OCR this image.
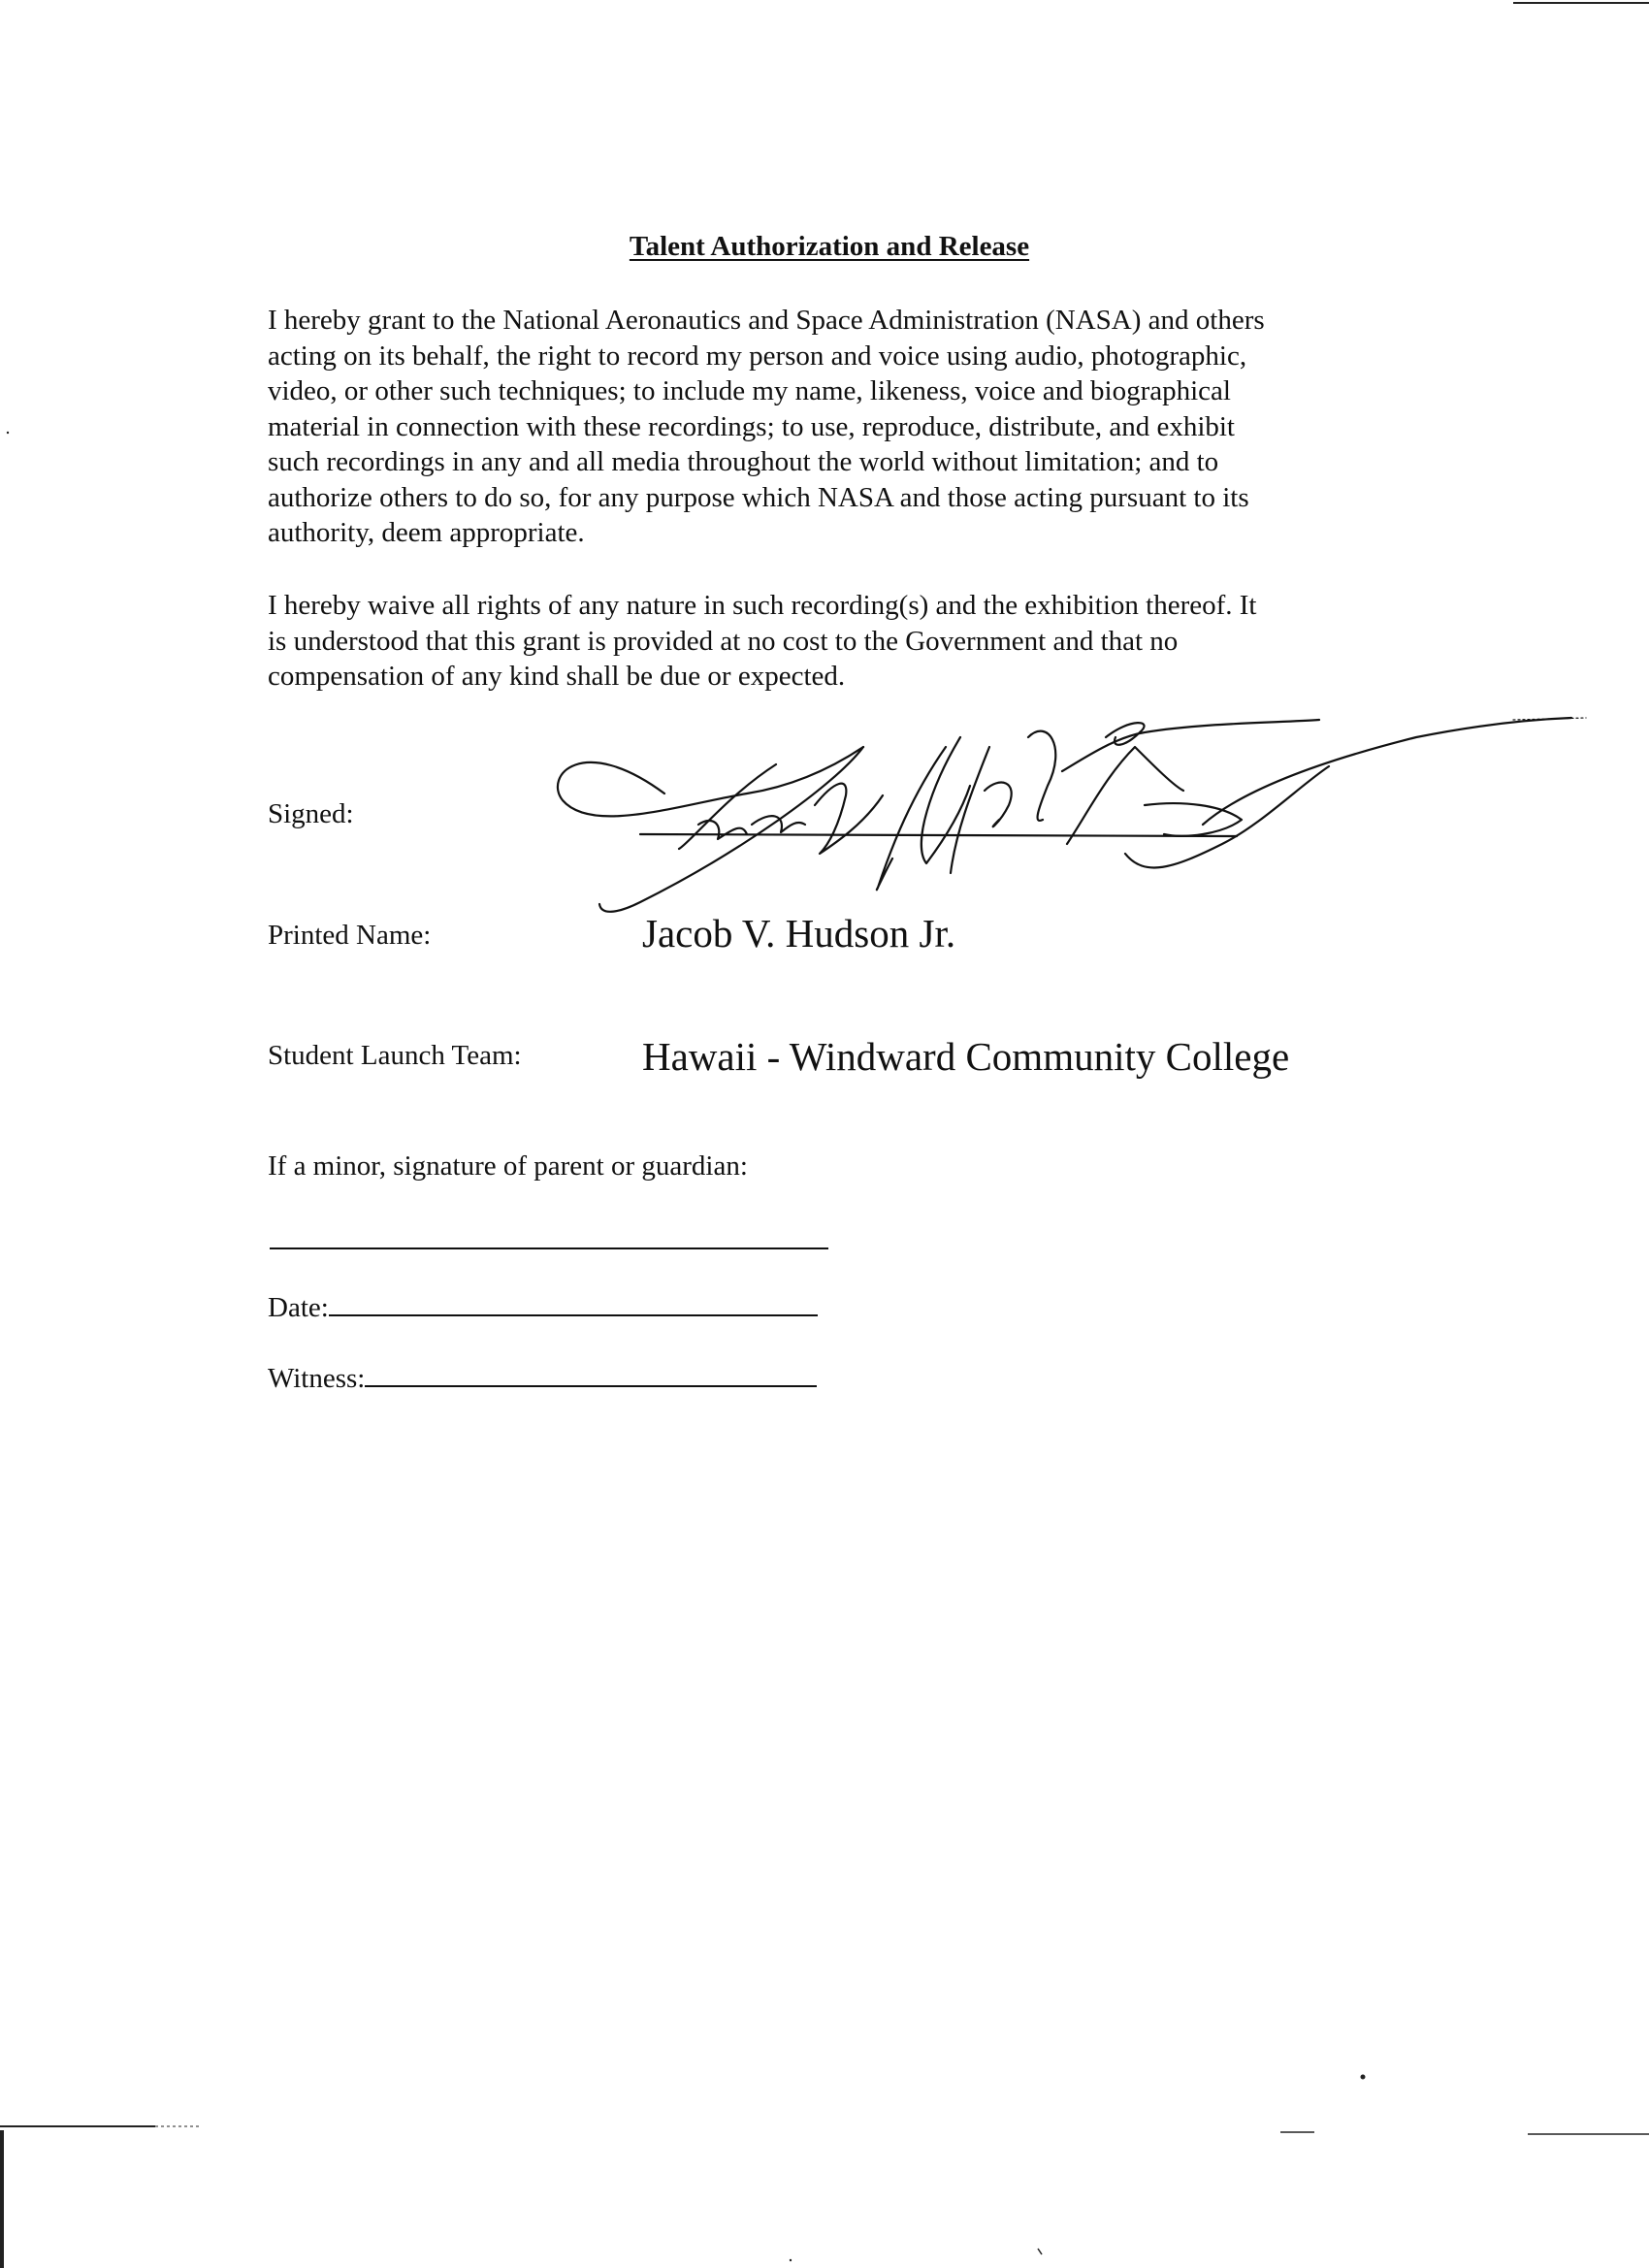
Talent Authorization and Release

I hereby grant to the National Aeronautics and Space Administration (NASA) and others
acting on its behalf, the right to record my person and voice using audio, photographic,
video, or other such techniques; to include my name, likeness, voice and biographical
material in connection with these recordings; to use, reproduce, distribute, and exhibit
such recordings in any and all media throughout the world without limitation; and to
authorize others to do so, for any purpose which NASA and those acting pursuant to its
authority, deem appropriate.

I hereby waive all rights of any nature in such recording(s) and the exhibition thereof. It
is understood that this grant is provided at no cost to the Government and that no
compensation of any kind shall be due or expected.

Signed:
Printed Name:	Jacob V. Hudson Jr.
Student Launch Team:	Hawaii - Windward Community College
If a minor, signature of parent or guardian:
Date:
Witness:
